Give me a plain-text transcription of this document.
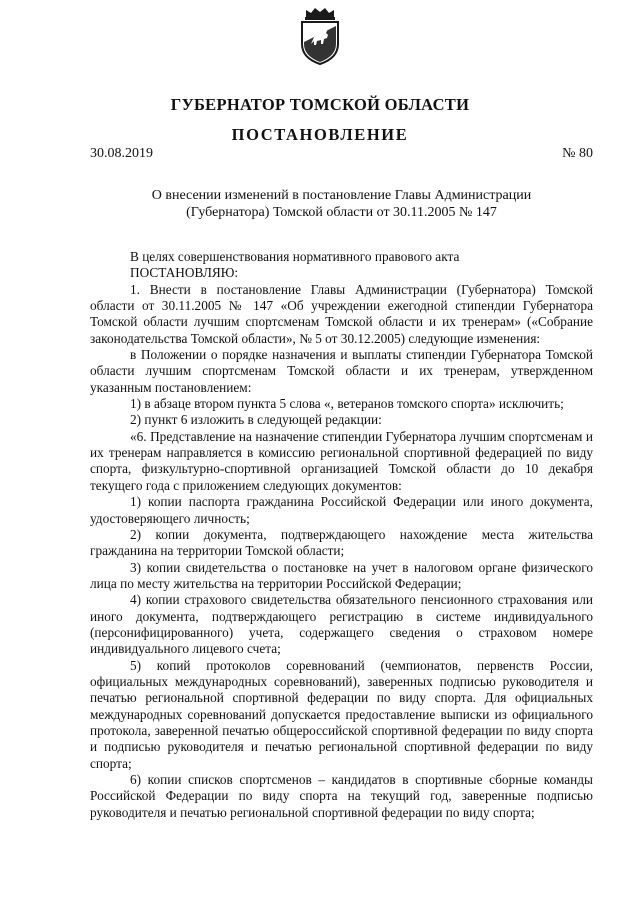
ГУБЕРНАТОР ТОМСКОЙ ОБЛАСТИ
ПОСТАНОВЛЕНИЕ
30.08.2019	№ 80
О внесении изменений в постановление Главы Администрации
(Губернатора) Томской области от 30.11.2005 № 147

В целях совершенствования нормативного правового акта

ПОСТАНОВЛЯЮ:

1. Внести в постановление Главы Администрации (Губернатора) Томской области от 30.11.2005 № 147 «Об учреждении ежегодной стипендии Губернатора Томской области лучшим спортсменам Томской области и их тренерам» («Собрание законодательства Томской области», № 5 от 30.12.2005) следующие изменения:

в Положении о порядке назначения и выплаты стипендии Губернатора Томской области лучшим спортсменам Томской области и их тренерам, утвержденном указанным постановлением:

1) в абзаце втором пункта 5 слова «, ветеранов томского спорта» исключить;

2) пункт 6 изложить в следующей редакции:

«6. Представление на назначение стипендии Губернатора лучшим спортсменам и их тренерам направляется в комиссию региональной спортивной федерацией по виду спорта, физкультурно-спортивной организацией Томской области до 10 декабря текущего года с приложением следующих документов:

1) копии паспорта гражданина Российской Федерации или иного документа, удостоверяющего личность;

2) копии документа, подтверждающего нахождение места жительства гражданина на территории Томской области;

3) копии свидетельства о постановке на учет в налоговом органе физического лица по месту жительства на территории Российской Федерации;

4) копии страхового свидетельства обязательного пенсионного страхования или иного документа, подтверждающего регистрацию в системе индивидуального (персонифицированного) учета, содержащего сведения о страховом номере индивидуального лицевого счета;

5) копий протоколов соревнований (чемпионатов, первенств России, официальных международных соревнований), заверенных подписью руководителя и печатью региональной спортивной федерации по виду спорта. Для официальных международных соревнований допускается предоставление выписки из официального протокола, заверенной печатью общероссийской спортивной федерации по виду спорта и подписью руководителя и печатью региональной спортивной федерации по виду спорта;

6) копии списков спортсменов – кандидатов в спортивные сборные команды Российской Федерации по виду спорта на текущий год, заверенные подписью руководителя и печатью региональной спортивной федерации по виду спорта;
